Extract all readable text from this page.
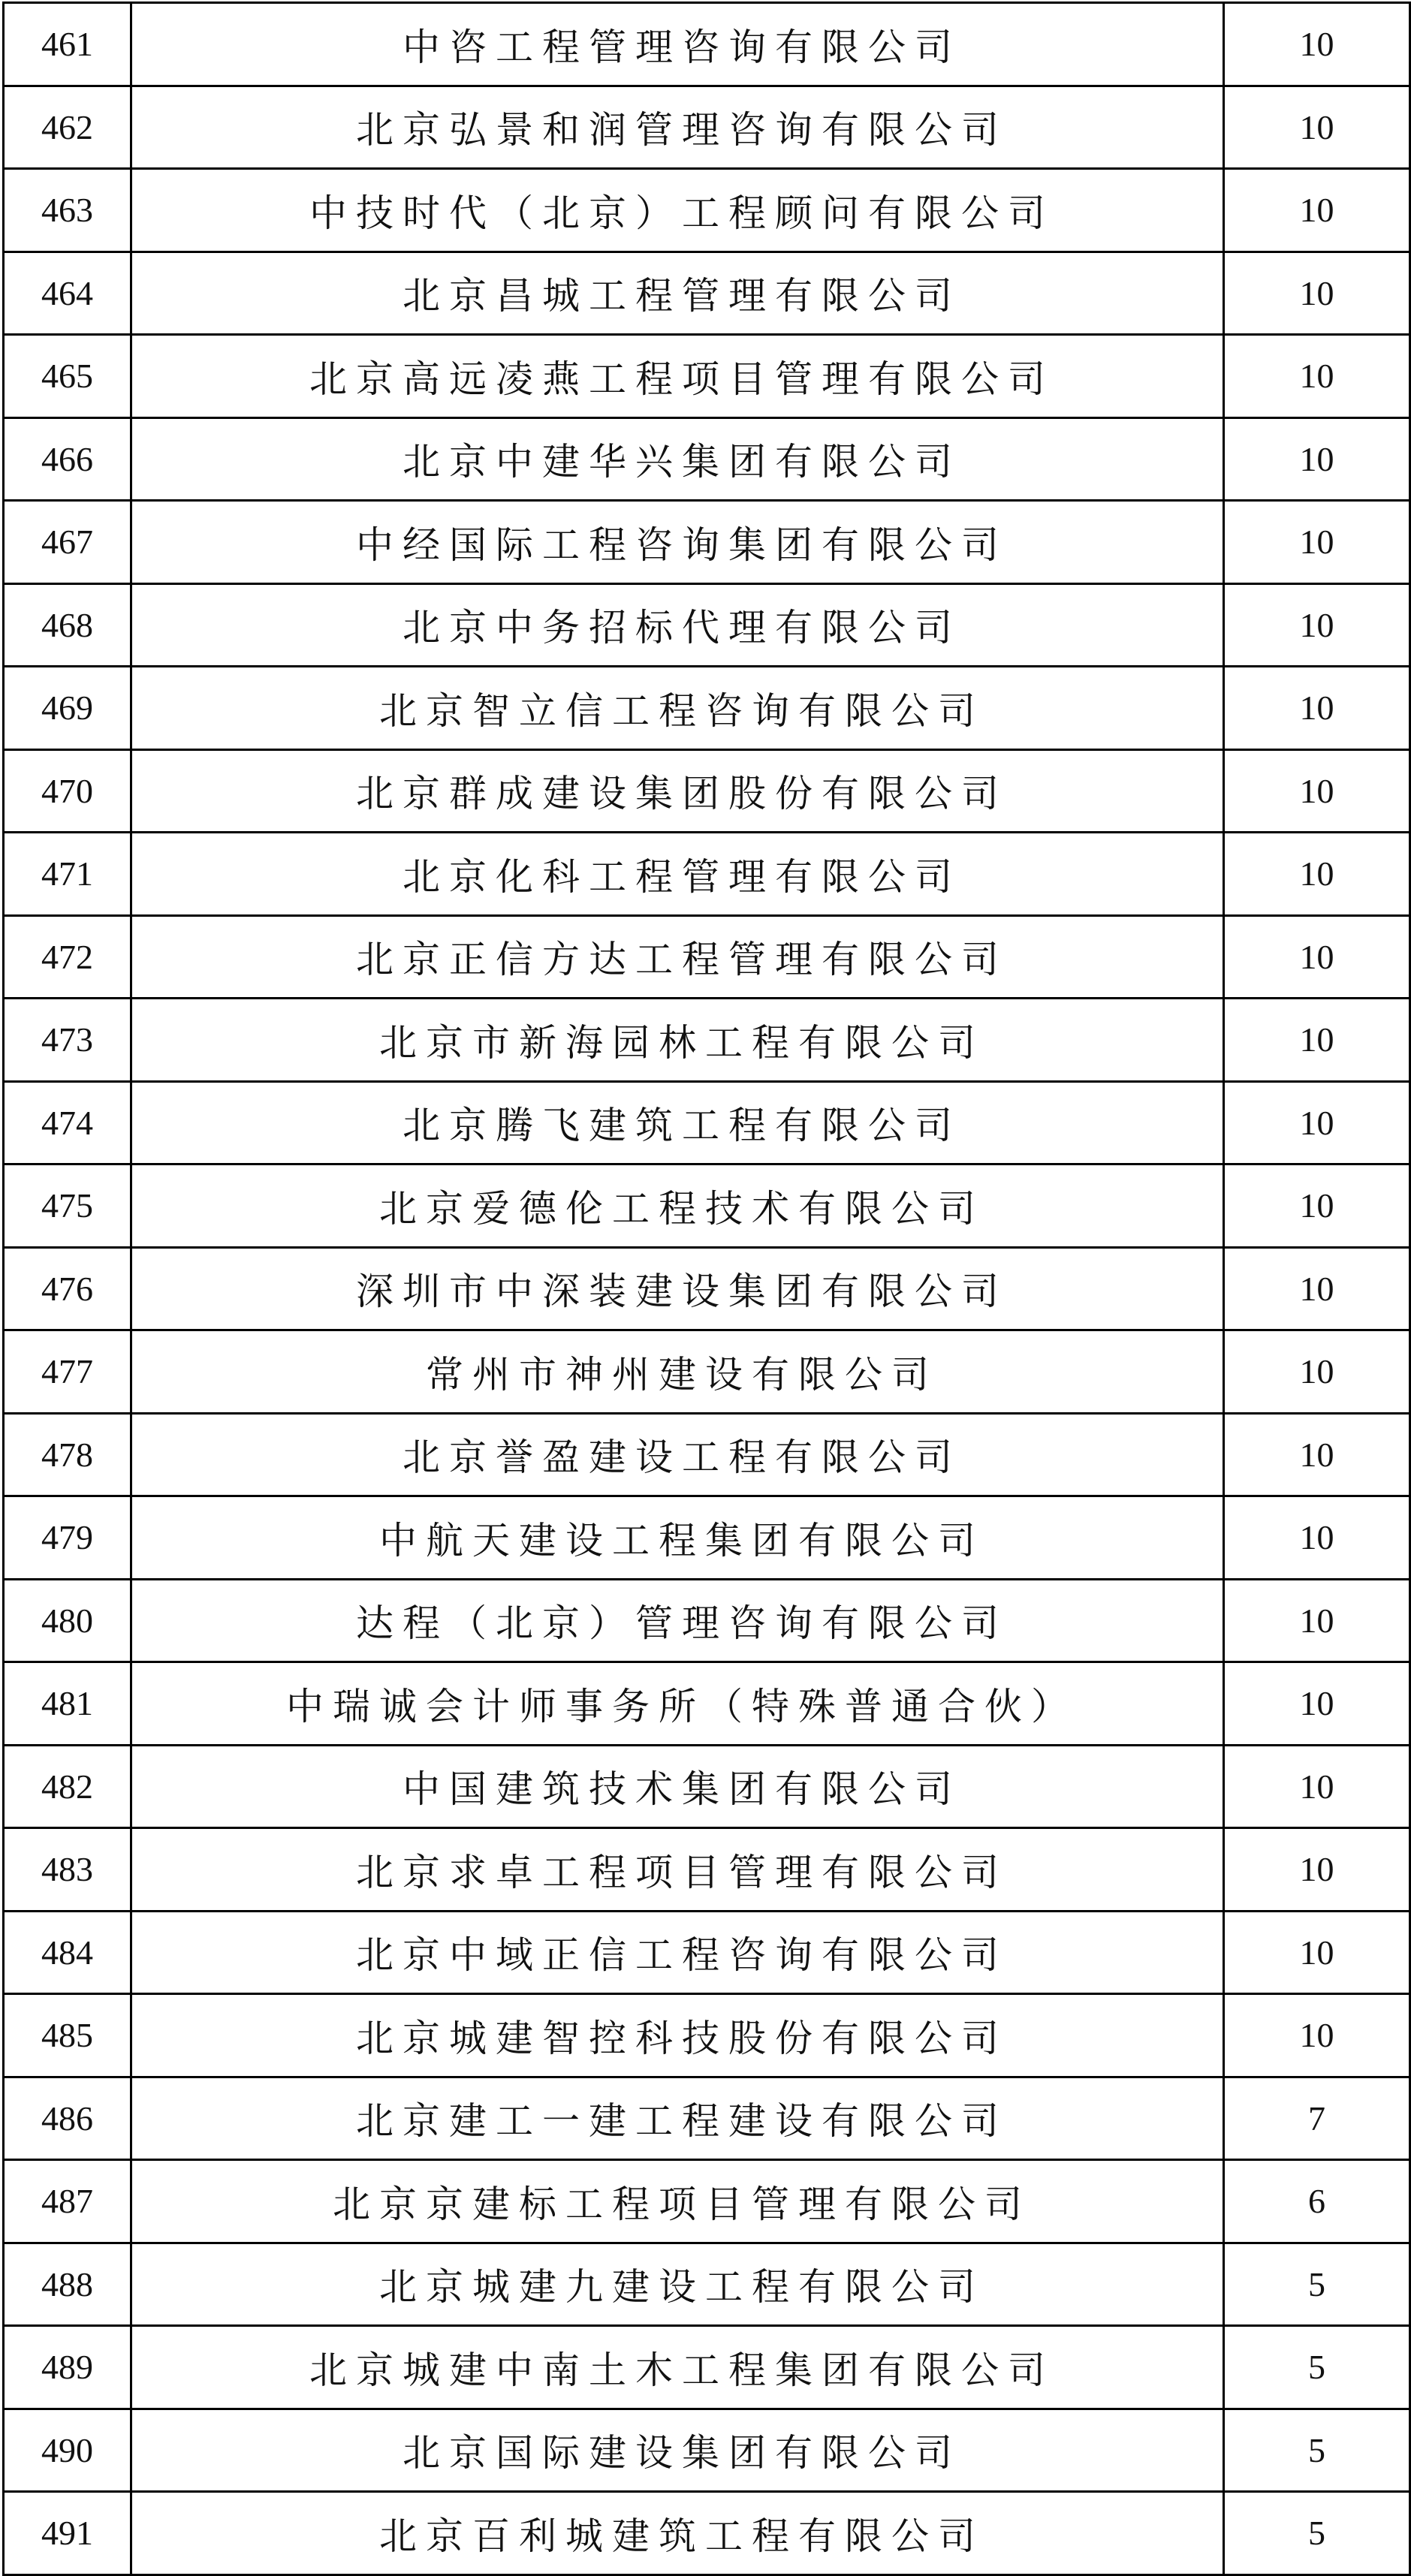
461	中咨工程管理咨询有限公司	10
462	北京弘景和润管理咨询有限公司	10
463	中技时代（北京）工程顾问有限公司	10
464	北京昌城工程管理有限公司	10
465	北京高远凌燕工程项目管理有限公司	10
466	北京中建华兴集团有限公司	10
467	中经国际工程咨询集团有限公司	10
468	北京中务招标代理有限公司	10
469	北京智立信工程咨询有限公司	10
470	北京群成建设集团股份有限公司	10
471	北京化科工程管理有限公司	10
472	北京正信方达工程管理有限公司	10
473	北京市新海园林工程有限公司	10
474	北京腾飞建筑工程有限公司	10
475	北京爱德伦工程技术有限公司	10
476	深圳市中深装建设集团有限公司	10
477	常州市神州建设有限公司	10
478	北京誉盈建设工程有限公司	10
479	中航天建设工程集团有限公司	10
480	达程（北京）管理咨询有限公司	10
481	中瑞诚会计师事务所（特殊普通合伙）	10
482	中国建筑技术集团有限公司	10
483	北京求卓工程项目管理有限公司	10
484	北京中域正信工程咨询有限公司	10
485	北京城建智控科技股份有限公司	10
486	北京建工一建工程建设有限公司	7
487	北京京建标工程项目管理有限公司	6
488	北京城建九建设工程有限公司	5
489	北京城建中南土木工程集团有限公司	5
490	北京国际建设集团有限公司	5
491	北京百利城建筑工程有限公司	5
